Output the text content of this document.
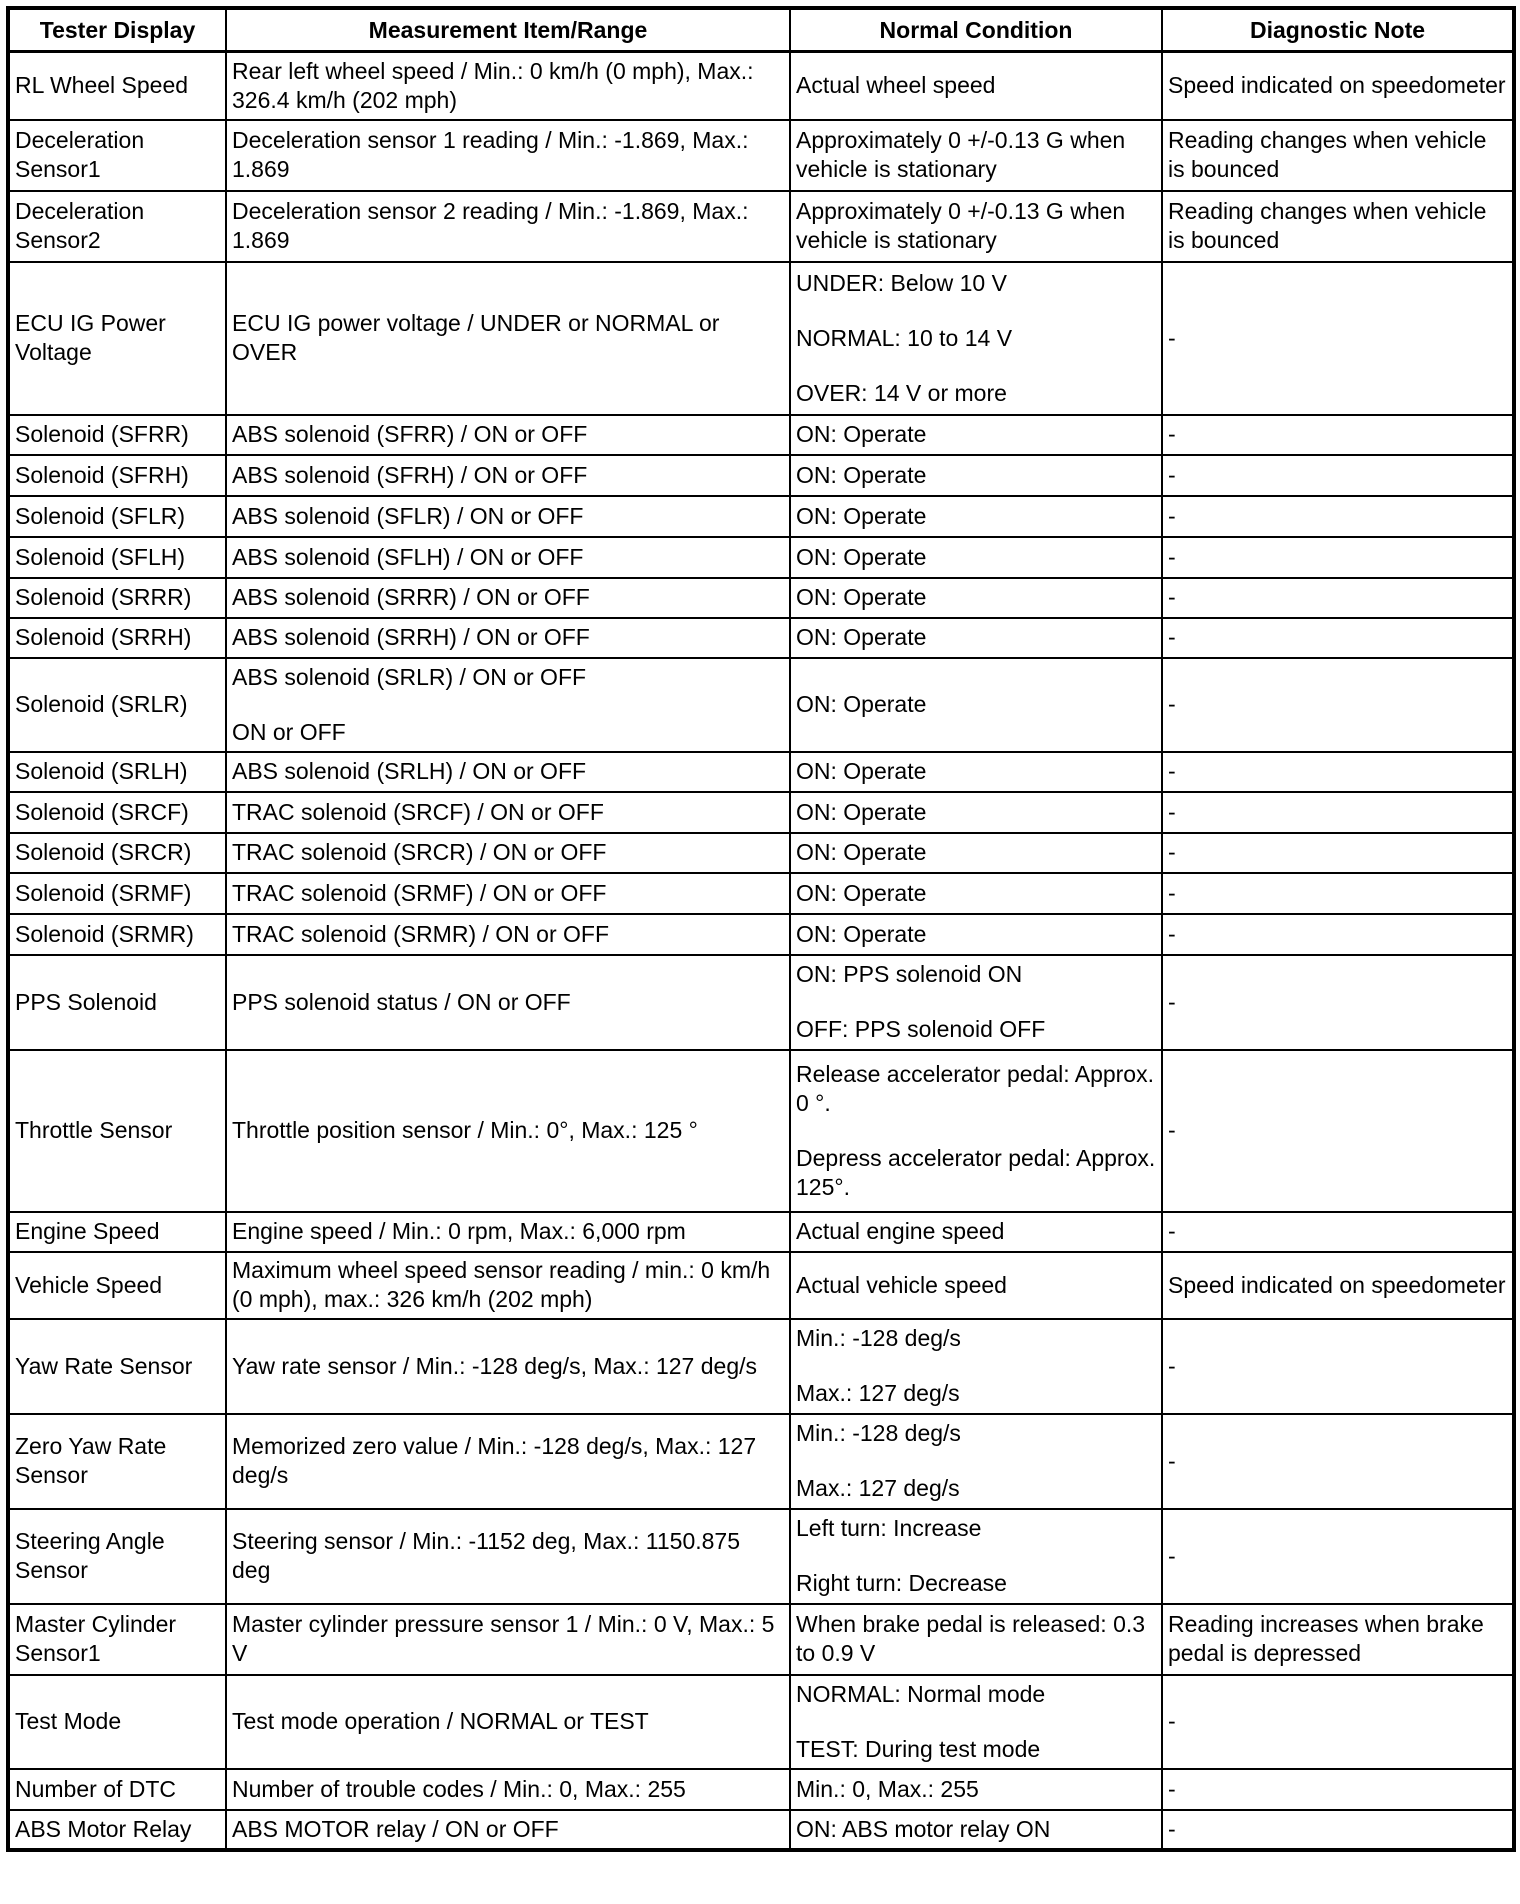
Tester Display	Measurement Item/Range	Normal Condition	Diagnostic Note

RL Wheel Speed	Rear left wheel speed / Min.: 0 km/h (0 mph), Max.: 326.4 km/h (202 mph)	Actual wheel speed	Speed indicated on speedometer

Deceleration Sensor1	Deceleration sensor 1 reading / Min.: -1.869, Max.: 1.869	Approximately 0 +/-0.13 G when vehicle is stationary	Reading changes when vehicle is bounced

Deceleration Sensor2	Deceleration sensor 2 reading / Min.: -1.869, Max.: 1.869	Approximately 0 +/-0.13 G when vehicle is stationary	Reading changes when vehicle is bounced

ECU IG Power Voltage	ECU IG power voltage / UNDER or NORMAL or OVER	UNDER: Below 10 V
NORMAL: 10 to 14 V
OVER: 14 V or more	-

Solenoid (SFRR)	ABS solenoid (SFRR) / ON or OFF	ON: Operate	-

Solenoid (SFRH)	ABS solenoid (SFRH) / ON or OFF	ON: Operate	-

Solenoid (SFLR)	ABS solenoid (SFLR) / ON or OFF	ON: Operate	-

Solenoid (SFLH)	ABS solenoid (SFLH) / ON or OFF	ON: Operate	-

Solenoid (SRRR)	ABS solenoid (SRRR) / ON or OFF	ON: Operate	-

Solenoid (SRRH)	ABS solenoid (SRRH) / ON or OFF	ON: Operate	-

Solenoid (SRLR)	ABS solenoid (SRLR) / ON or OFF
ON or OFF	ON: Operate	-

Solenoid (SRLH)	ABS solenoid (SRLH) / ON or OFF	ON: Operate	-

Solenoid (SRCF)	TRAC solenoid (SRCF) / ON or OFF	ON: Operate	-

Solenoid (SRCR)	TRAC solenoid (SRCR) / ON or OFF	ON: Operate	-

Solenoid (SRMF)	TRAC solenoid (SRMF) / ON or OFF	ON: Operate	-

Solenoid (SRMR)	TRAC solenoid (SRMR) / ON or OFF	ON: Operate	-

PPS Solenoid	PPS solenoid status / ON or OFF	ON: PPS solenoid ON
OFF: PPS solenoid OFF	-

Throttle Sensor	Throttle position sensor / Min.: 0°, Max.: 125 °	Release accelerator pedal: Approx. 0 °.
Depress accelerator pedal: Approx. 125°.	-

Engine Speed	Engine speed / Min.: 0 rpm, Max.: 6,000 rpm	Actual engine speed	-

Vehicle Speed	Maximum wheel speed sensor reading / min.: 0 km/h (0 mph), max.: 326 km/h (202 mph)	Actual vehicle speed	Speed indicated on speedometer

Yaw Rate Sensor	Yaw rate sensor / Min.: -128 deg/s, Max.: 127 deg/s	Min.: -128 deg/s
Max.: 127 deg/s	-

Zero Yaw Rate Sensor	Memorized zero value / Min.: -128 deg/s, Max.: 127 deg/s	Min.: -128 deg/s
Max.: 127 deg/s	-

Steering Angle Sensor	Steering sensor / Min.: -1152 deg, Max.: 1150.875 deg	Left turn: Increase
Right turn: Decrease	-

Master Cylinder Sensor1	Master cylinder pressure sensor 1 / Min.: 0 V, Max.: 5 V	When brake pedal is released: 0.3 to 0.9 V	Reading increases when brake pedal is depressed

Test Mode	Test mode operation / NORMAL or TEST	NORMAL: Normal mode
TEST: During test mode	-

Number of DTC	Number of trouble codes / Min.: 0, Max.: 255	Min.: 0, Max.: 255	-

ABS Motor Relay	ABS MOTOR relay / ON or OFF	ON: ABS motor relay ON	-
